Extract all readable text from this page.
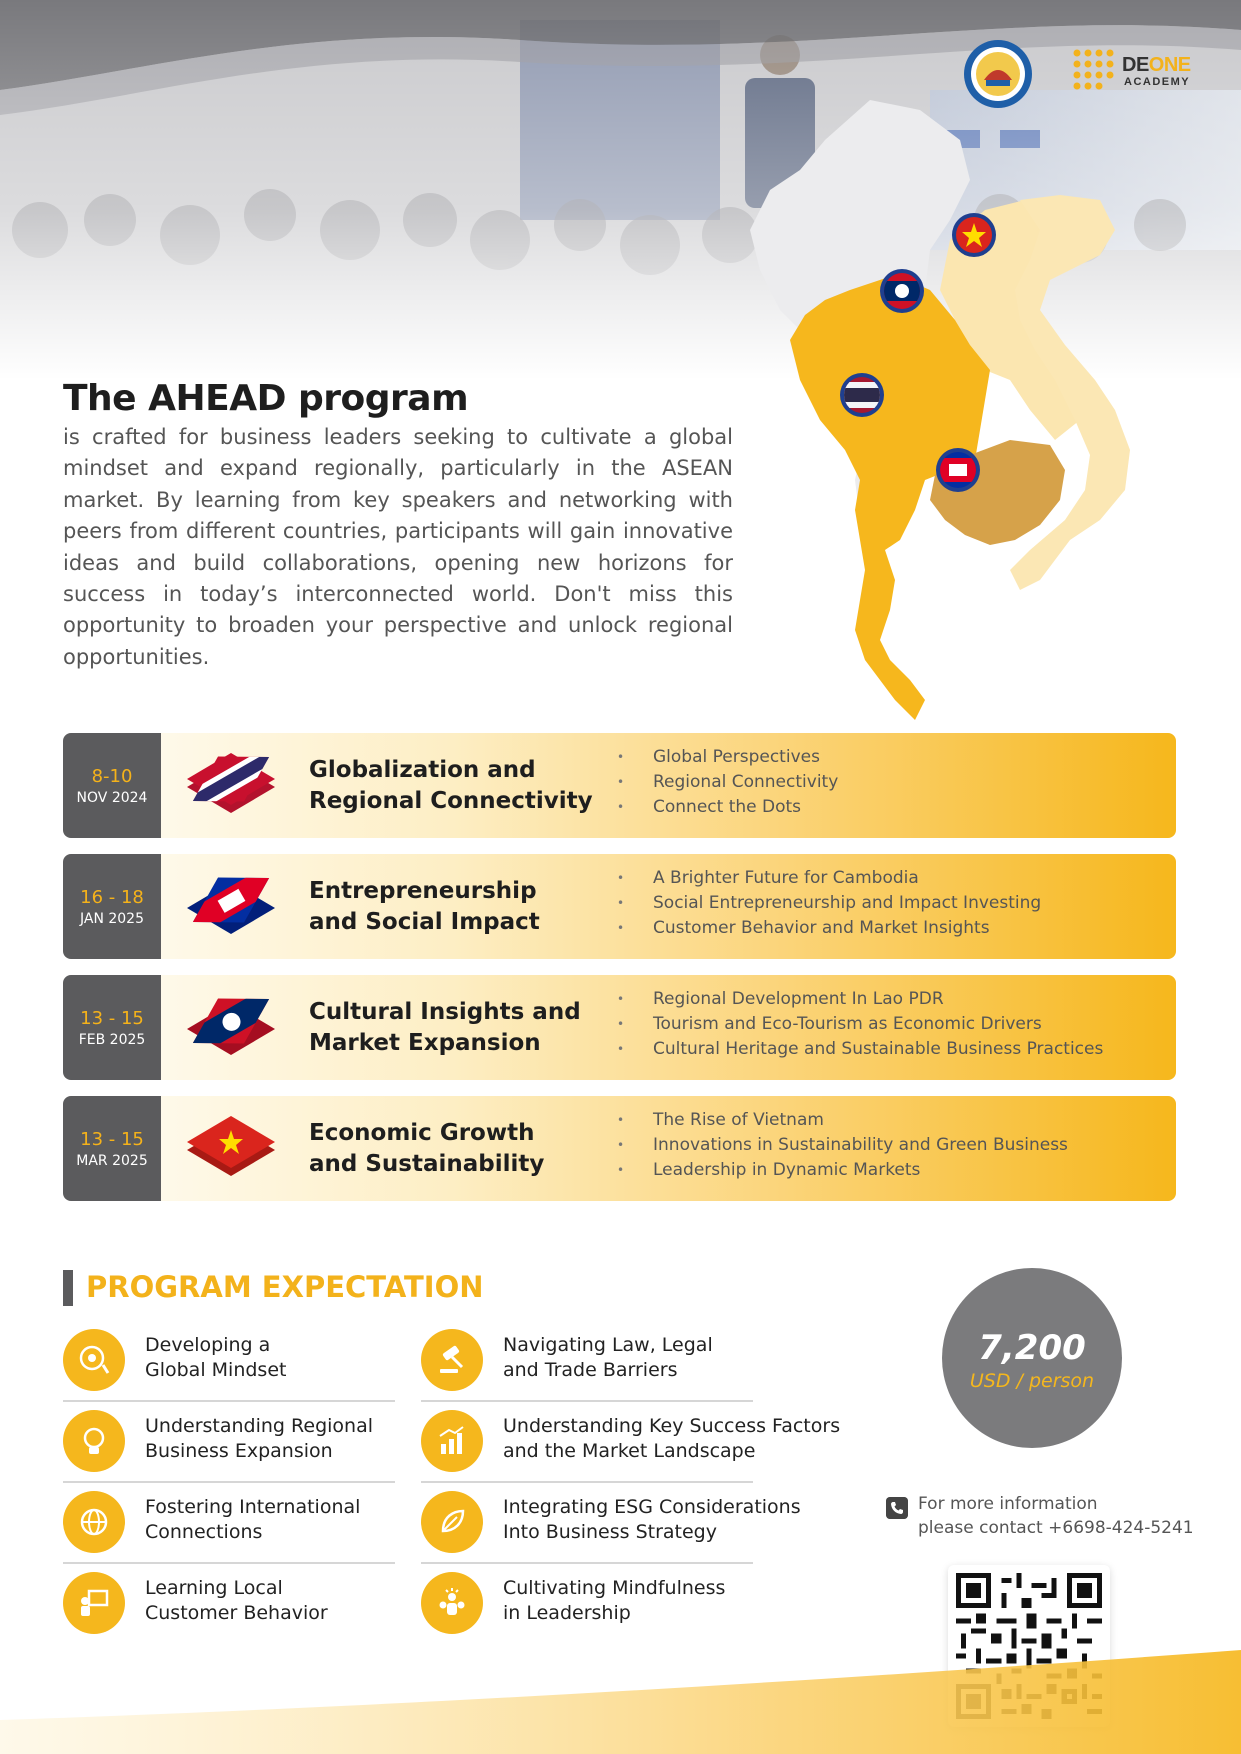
DEONE
ACADEMY
The AHEAD program
is crafted for business leaders seeking to cultivate a global mindset and expand regionally, particularly in the ASEAN market. By learning from key speakers and networking with peers from different countries, participants will gain innovative ideas and build collaborations, opening new horizons for success in today’s interconnected world. Don't miss this opportunity to broaden your perspective and unlock regional opportunities.
8-10
NOV 2024
Globalization and
Regional Connectivity
• Global Perspectives
• Regional Connectivity
• Connect the Dots
16 - 18
JAN 2025
Entrepreneurship
and Social Impact
• A Brighter Future for Cambodia
• Social Entrepreneurship and Impact Investing
• Customer Behavior and Market Insights
13 - 15
FEB 2025
Cultural Insights and
Market Expansion
• Regional Development In Lao PDR
• Tourism and Eco-Tourism as Economic Drivers
• Cultural Heritage and Sustainable Business Practices
13 - 15
MAR 2025
Economic Growth
and Sustainability
• The Rise of Vietnam
• Innovations in Sustainability and Green Business
• Leadership in Dynamic Markets
PROGRAM EXPECTATION
Developing a
Global Mindset
Understanding Regional
Business Expansion
Fostering International
Connections
Learning Local
Customer Behavior
Navigating Law, Legal
and Trade Barriers
Understanding Key Success Factors
and the Market Landscape
Integrating ESG Considerations
Into Business Strategy
Cultivating Mindfulness
in Leadership
7,200
USD / person
For more information
please contact +6698-424-5241
